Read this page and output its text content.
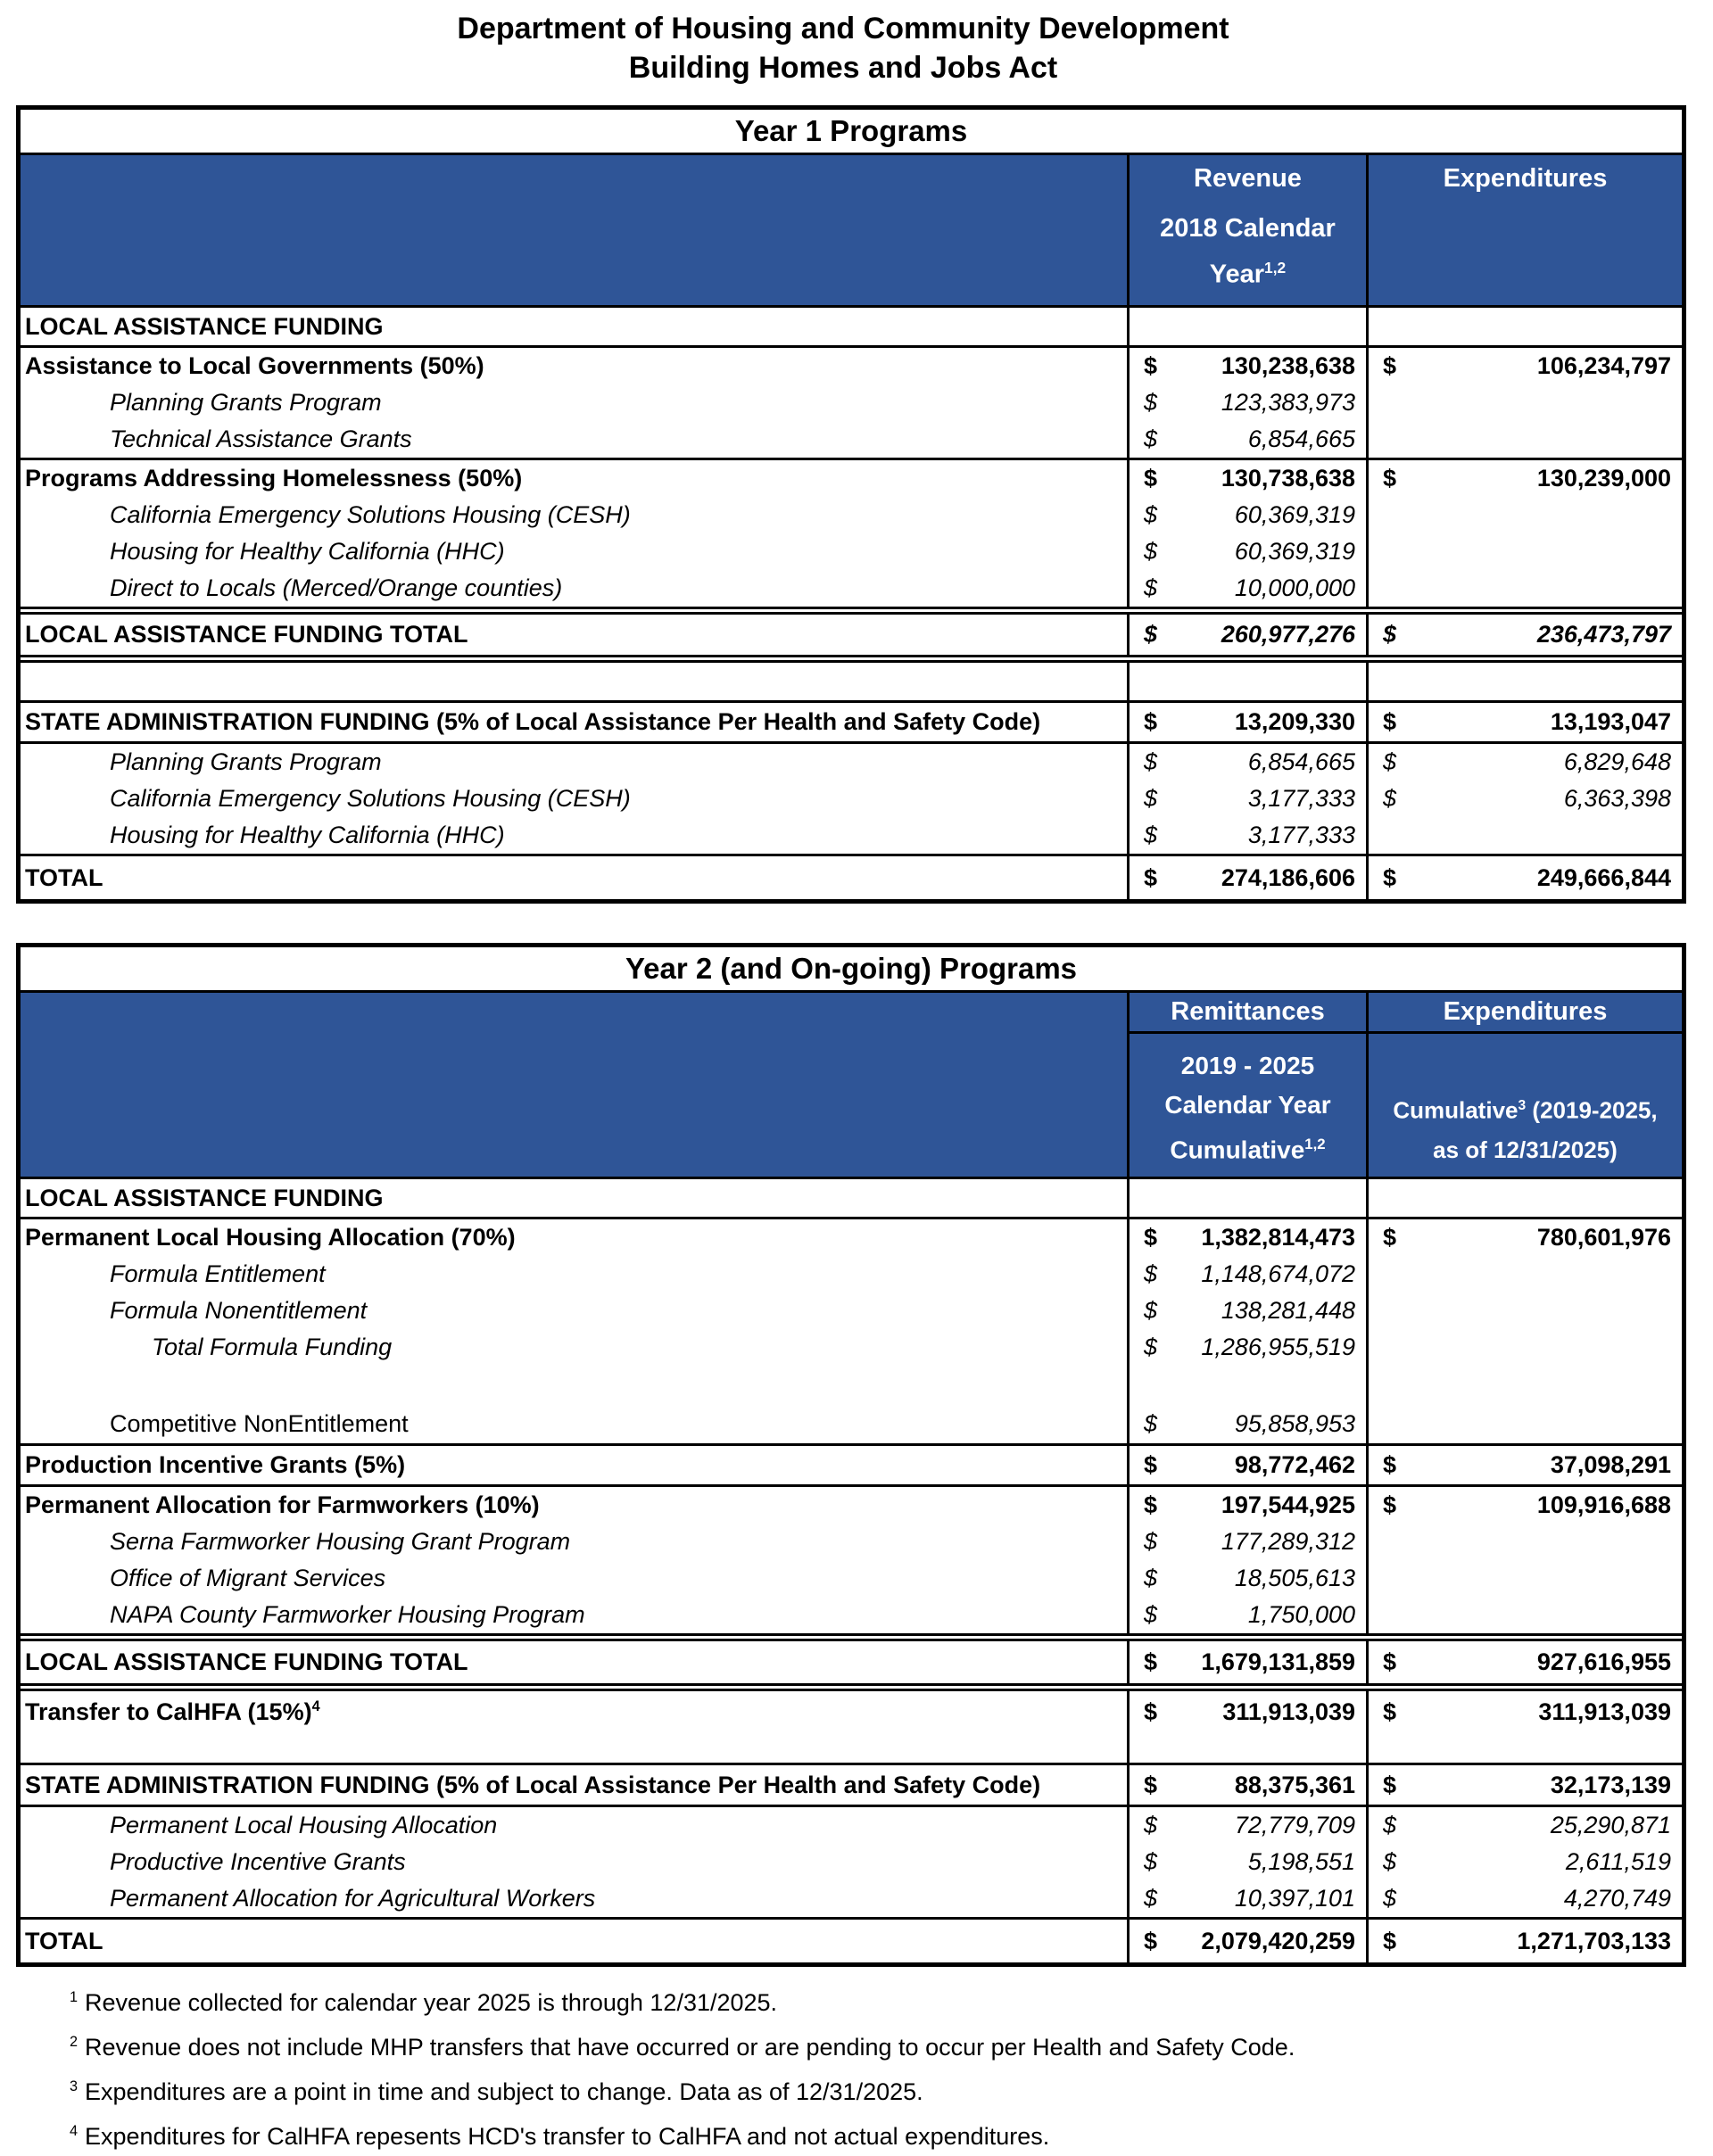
Department of Housing and Community Development
Building Homes and Jobs Act
Year 1 Programs
Revenue
2018 Calendar
Year$^{1,2}$
Expenditures
LOCAL ASSISTANCE FUNDING
Assistance to Local Governments (50%)	$	130,238,638 $	106,234,797
Planning Grants Program	$	123,383,973
Technical Assistance Grants	$	6,854,665
Programs Addressing Homelessness (50%)	$	130,738,638 $	130,239,000
California Emergency Solutions Housing (CESH)	$	60,369,319
Housing for Healthy California (HHC)	$	60,369,319
Direct to Locals (Merced/Orange counties)	$	10,000,000
LOCAL ASSISTANCE FUNDING TOTAL	$	260,977,276 $	236,473,797
STATE ADMINISTRATION FUNDING (5% of Local Assistance Per Health and Safety Code)	$	13,209,330 $	13,193,047
Planning Grants Program	$	6,854,665 $	6,829,648
California Emergency Solutions Housing (CESH)	$	3,177,333 $	6,363,398
Housing for Healthy California (HHC)	$	3,177,333
TOTAL	$	274,186,606 $	249,666,844
Year 2 (and On-going) Programs
Remittances
2019 - 2025
Calendar Year
Cumulative$^{1,2}$
Expenditures
Cumulative$^3$ (2019-2025,
as of 12/31/2025)
LOCAL ASSISTANCE FUNDING
Permanent Local Housing Allocation (70%)	$ 1,382,814,473 $	780,601,976
Formula Entitlement	$ 1,148,674,072
Formula Nonentitlement	$	138,281,448
Total Formula Funding	$ 1,286,955,519
Competitive NonEntitlement	$	95,858,953
Production Incentive Grants (5%)	$	98,772,462 $	37,098,291
Permanent Allocation for Farmworkers (10%)	$	197,544,925 $	109,916,688
Serna Farmworker Housing Grant Program	$	177,289,312
Office of Migrant Services	$	18,505,613
NAPA County Farmworker Housing Program	$	1,750,000
LOCAL ASSISTANCE FUNDING TOTAL	$ 1,679,131,859 $	927,616,955
Transfer to CalHFA $(15\%)^4$	$	311,913,039 $	311,913,039
STATE ADMINISTRATION FUNDING (5% of Local Assistance Per Health and Safety Code)	$	88,375,361 $	32,173,139
Permanent Local Housing Allocation	$	72,779,709 $	25,290,871
Productive Incentive Grants	$	5,198,551 $	2,611,519
Permanent Allocation for Agricultural Workers	$	10,397,101 $	4,270,749
TOTAL	$ 2,079,420,259 $	1,271,703,133
$^1$ Revenue collected for calendar year 2025 is through 12/31/2025.
$^2$ Revenue does not include MHP transfers that have occurred or are pending to occur per Health and Safety Code.
$^3$ Expenditures are a point in time and subject to change. Data as of 12/31/2025.
$^4$ Expenditures for CalHFA repesents HCD's transfer to CalHFA and not actual expenditures.
